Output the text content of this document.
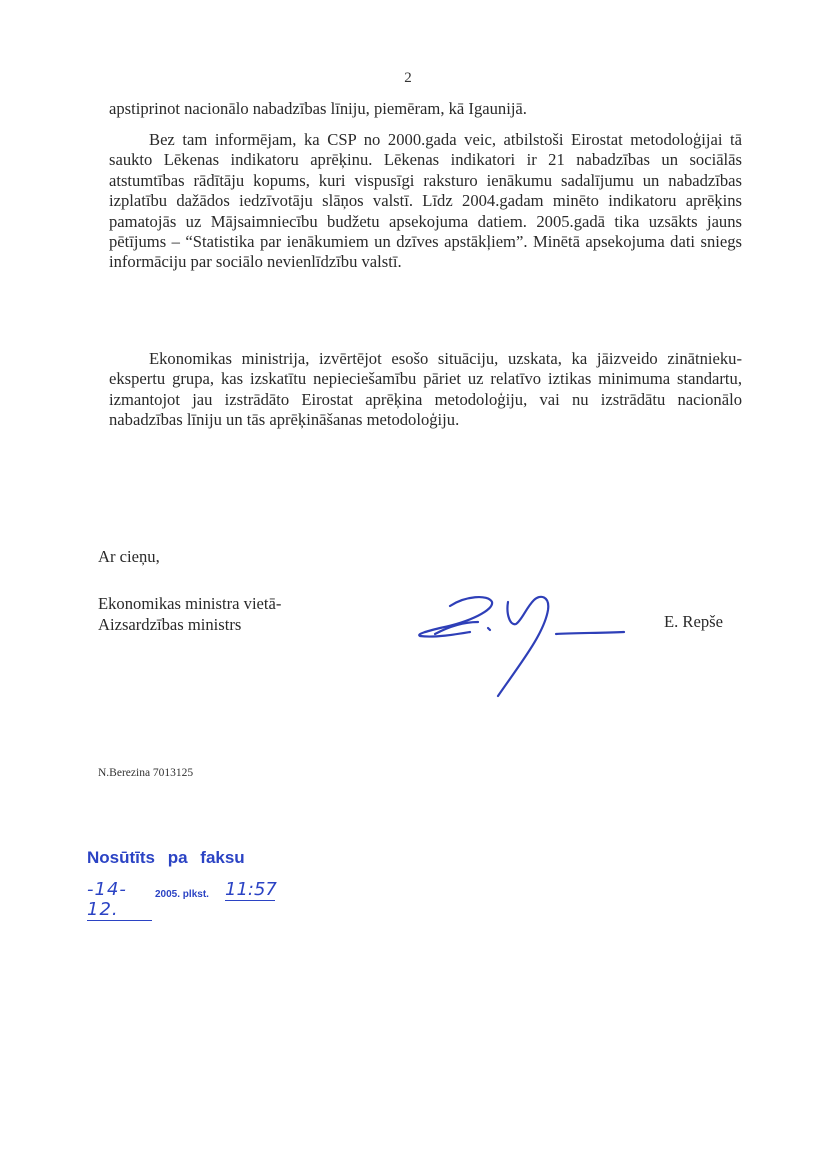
2

apstiprinot nacionālo nabadzības līniju, piemēram, kā Igaunijā.

Bez tam informējam, ka CSP no 2000.gada veic, atbilstoši Eirostat metodoloģijai tā saukto Lēkenas indikatoru aprēķinu. Lēkenas indikatori ir 21 nabadzības un sociālās atstumtības rādītāju kopums, kuri vispusīgi raksturo ienākumu sadalījumu un nabadzības izplatību dažādos iedzīvotāju slāņos valstī. Līdz 2004.gadam minēto indikatoru aprēķins pamatojās uz Mājsaimniecību budžetu apsekojuma datiem. 2005.gadā tika uzsākts jauns pētījums – “Statistika par ienākumiem un dzīves apstākļiem”. Minētā apsekojuma dati sniegs informāciju par sociālo nevienlīdzību valstī.

Ekonomikas ministrija, izvērtējot esošo situāciju, uzskata, ka jāizveido zinātnieku-ekspertu grupa, kas izskatītu nepieciešamību pāriet uz relatīvo iztikas minimuma standartu, izmantojot jau izstrādāto Eirostat aprēķina metodoloģiju, vai nu izstrādātu nacionālo nabadzības līniju un tās aprēķināšanas metodoloģiju.

Ar cieņu,

Ekonomikas ministra vietā-
Aizsardzības ministrs	E. Repše
N.Berezina 7013125

Nosūtīts pa faksu

-14-12.
2005. plkst. 11:57
